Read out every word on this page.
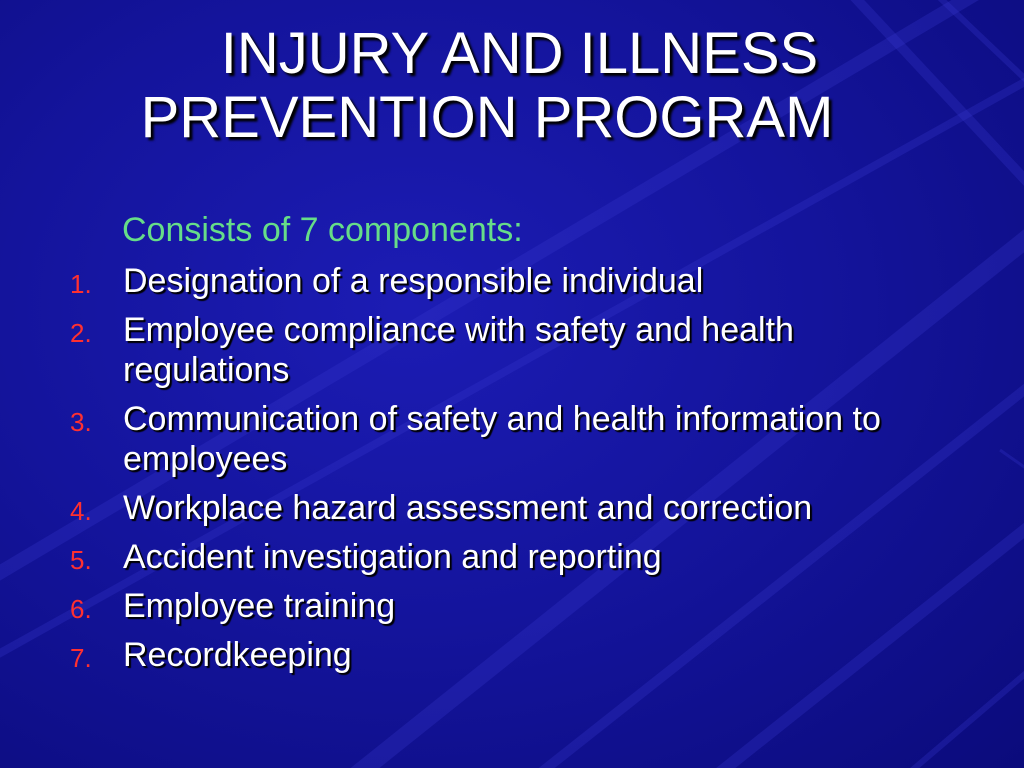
INJURY AND ILLNESS
PREVENTION PROGRAM
Consists of 7 components:
1. Designation of a responsible individual
2. Employee compliance with safety and health regulations
3. Communication of safety and health information to employees
4. Workplace hazard assessment and correction
5. Accident investigation and reporting
6. Employee training
7. Recordkeeping
